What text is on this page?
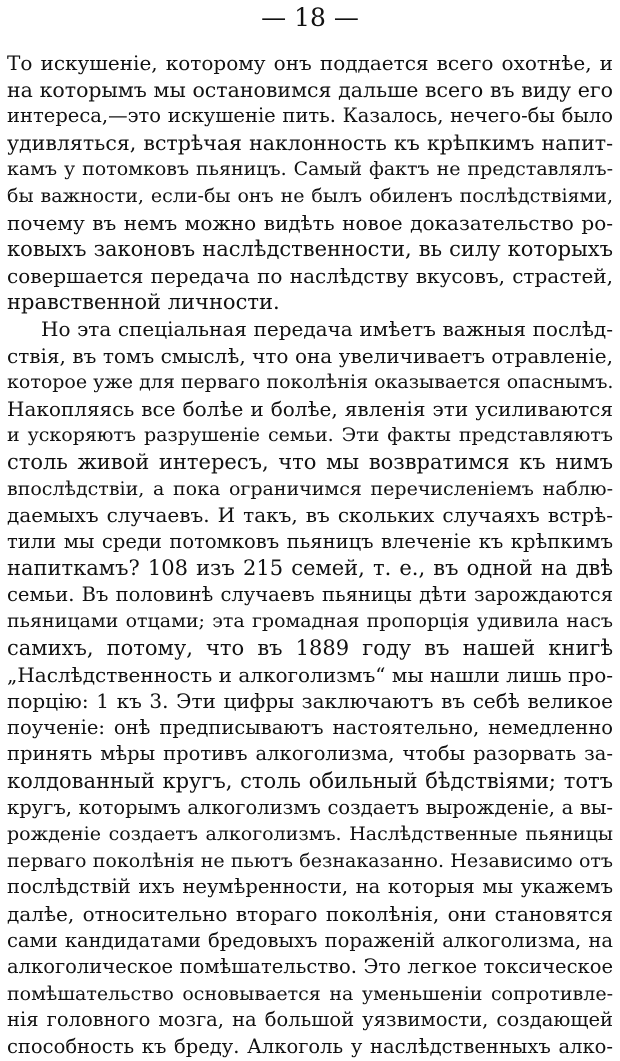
— 18 —
То искушеніе, которому онъ поддается всего охотнѣе, и
на которымъ мы остановимся дальше всего въ виду его
интереса,—это искушеніе пить. Казалось, нечего-бы было
удивляться, встрѣчая наклонность къ крѣпкимъ напит-
камъ у потомковъ пьяницъ. Самый фактъ не представлялъ-
бы важности, если-бы онъ не былъ обиленъ послѣдствіями,
почему въ немъ можно видѣть новое доказательство ро-
ковыхъ законовъ наслѣдственности, вь силу которыхъ
совершается передача по наслѣдству вкусовъ, страстей,
нравственной личности.
Но эта спеціальная передача имѣетъ важныя послѣд-
ствія, въ томъ смыслѣ, что она увеличиваетъ отравленіе,
которое уже для перваго поколѣнія оказывается опаснымъ.
Накопляясь все болѣе и болѣе, явленія эти усиливаются
и ускоряютъ разрушеніе семьи. Эти факты представляютъ
столь живой интересъ, что мы возвратимся къ нимъ
впослѣдствіи, а пока ограничимся перечисленіемъ наблю-
даемыхъ случаевъ. И такъ, въ скольких случаяхъ встрѣ-
тили мы среди потомковъ пьяницъ влеченіе къ крѣпкимъ
напиткамъ? 108 изъ 215 семей, т. е., въ одной на двѣ
семьи. Въ половинѣ случаевъ пьяницы дѣти зарождаются
пьяницами отцами; эта громадная пропорція удивила насъ
самихъ, потому, что въ 1889 году въ нашей книгѣ
„Наслѣдственность и алкоголизмъ“ мы нашли лишь про-
порцію: 1 къ 3. Эти цифры заключаютъ въ себѣ великое
поученіе: онѣ предписываютъ настоятельно, немедленно
принять мѣры противъ алкоголизма, чтобы разорвать за-
колдованный кругъ, столь обильный бѣдствіями; тотъ
кругъ, которымъ алкоголизмъ создаетъ вырожденіе, а вы-
рожденіе создаетъ алкоголизмъ. Наслѣдственные пьяницы
перваго поколѣнія не пьютъ безнаказанно. Независимо отъ
послѣдствій ихъ неумѣренности, на которыя мы укажемъ
далѣе, относительно втораго поколѣнія, они становятся
сами кандидатами бредовыхъ пораженій алкоголизма, на
алкоголическое помѣшательство. Это легкое токсическое
помѣшательство основывается на уменьшеніи сопротивле-
нія головного мозга, на большой уязвимости, создающей
способность къ бреду. Алкоголь у наслѣдственныхъ алко-
